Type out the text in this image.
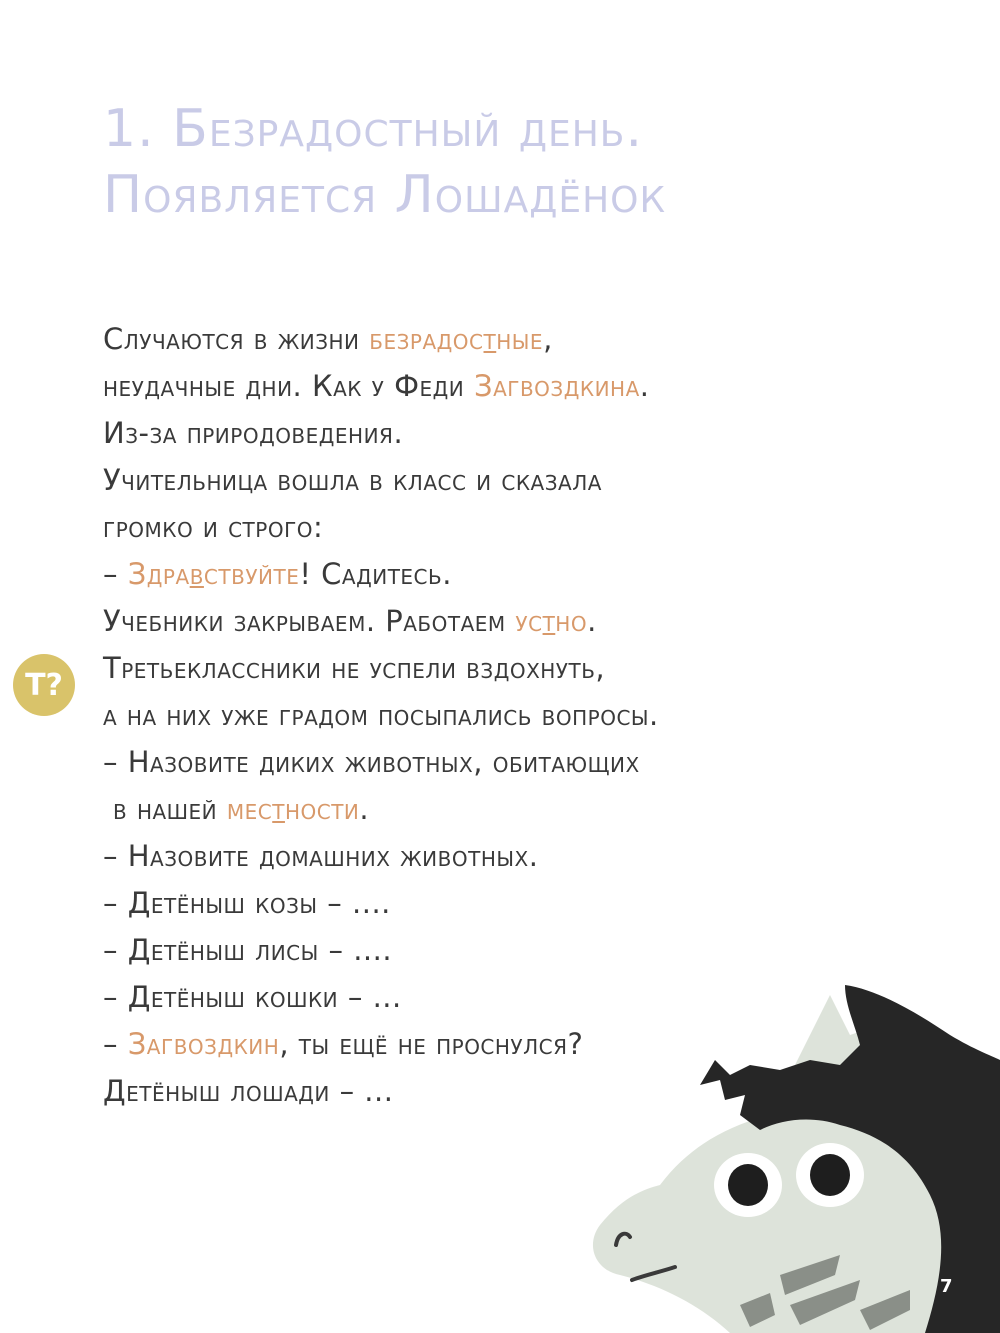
1. Безрадостный день.
Появляется Лошадёнок
Т?
Случаются в жизни безрадостные,
неудачные дни. Как у Феди Загвоздкина.
Из-за природоведения.
Учительница вошла в класс и сказала
громко и строго:
– Здравствуйте! Садитесь.
Учебники закрываем. Работаем устно.
Третьеклассники не успели вздохнуть,
а на них уже градом посыпались вопросы.
– Назовите диких животных, обитающих
в нашей местности.
– Назовите домашних животных.
– Детёныш козы – ....
– Детёныш лисы – ....
– Детёныш кошки – ...
– Загвоздкин, ты ещё не проснулся?
Детёныш лошади – ...
7
